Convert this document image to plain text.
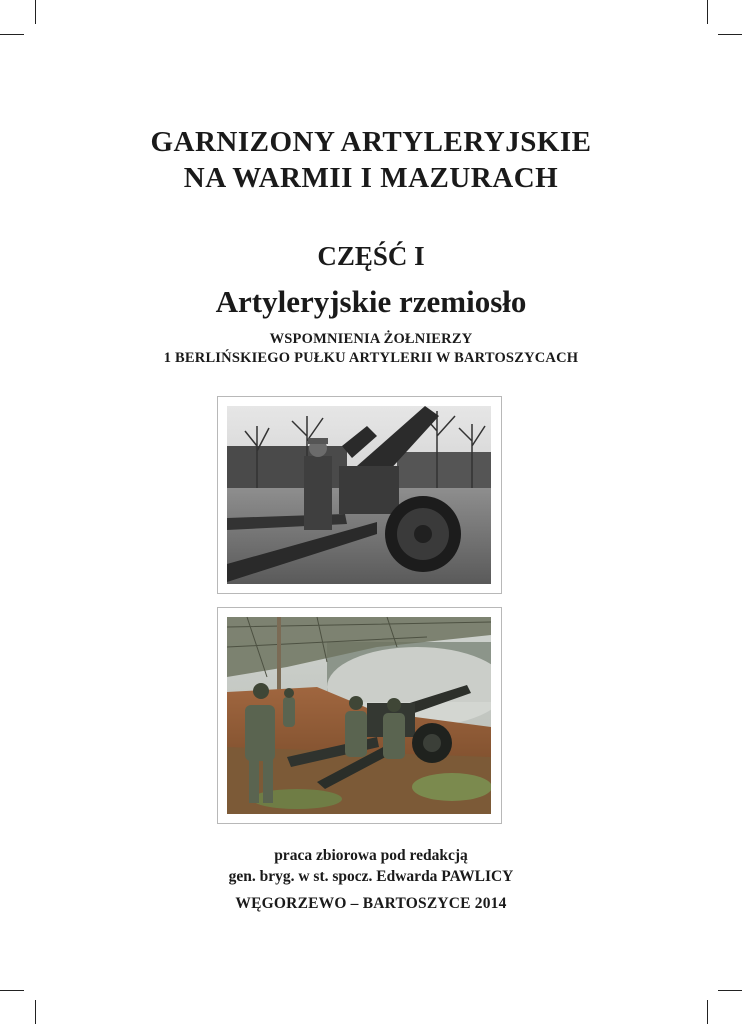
GARNIZONY ARTYLERYJSKIE
NA WARMII I MAZURACH
CZĘŚĆ I
Artyleryjskie rzemiosło
WSPOMNIENIA ŻOŁNIERZY
1 BERLIŃSKIEGO PUŁKU ARTYLERII W BARTOSZYCACH
praca zbiorowa pod redakcją
gen. bryg. w st. spocz. Edwarda PAWLICY
WĘGORZEWO – BARTOSZYCE 2014
